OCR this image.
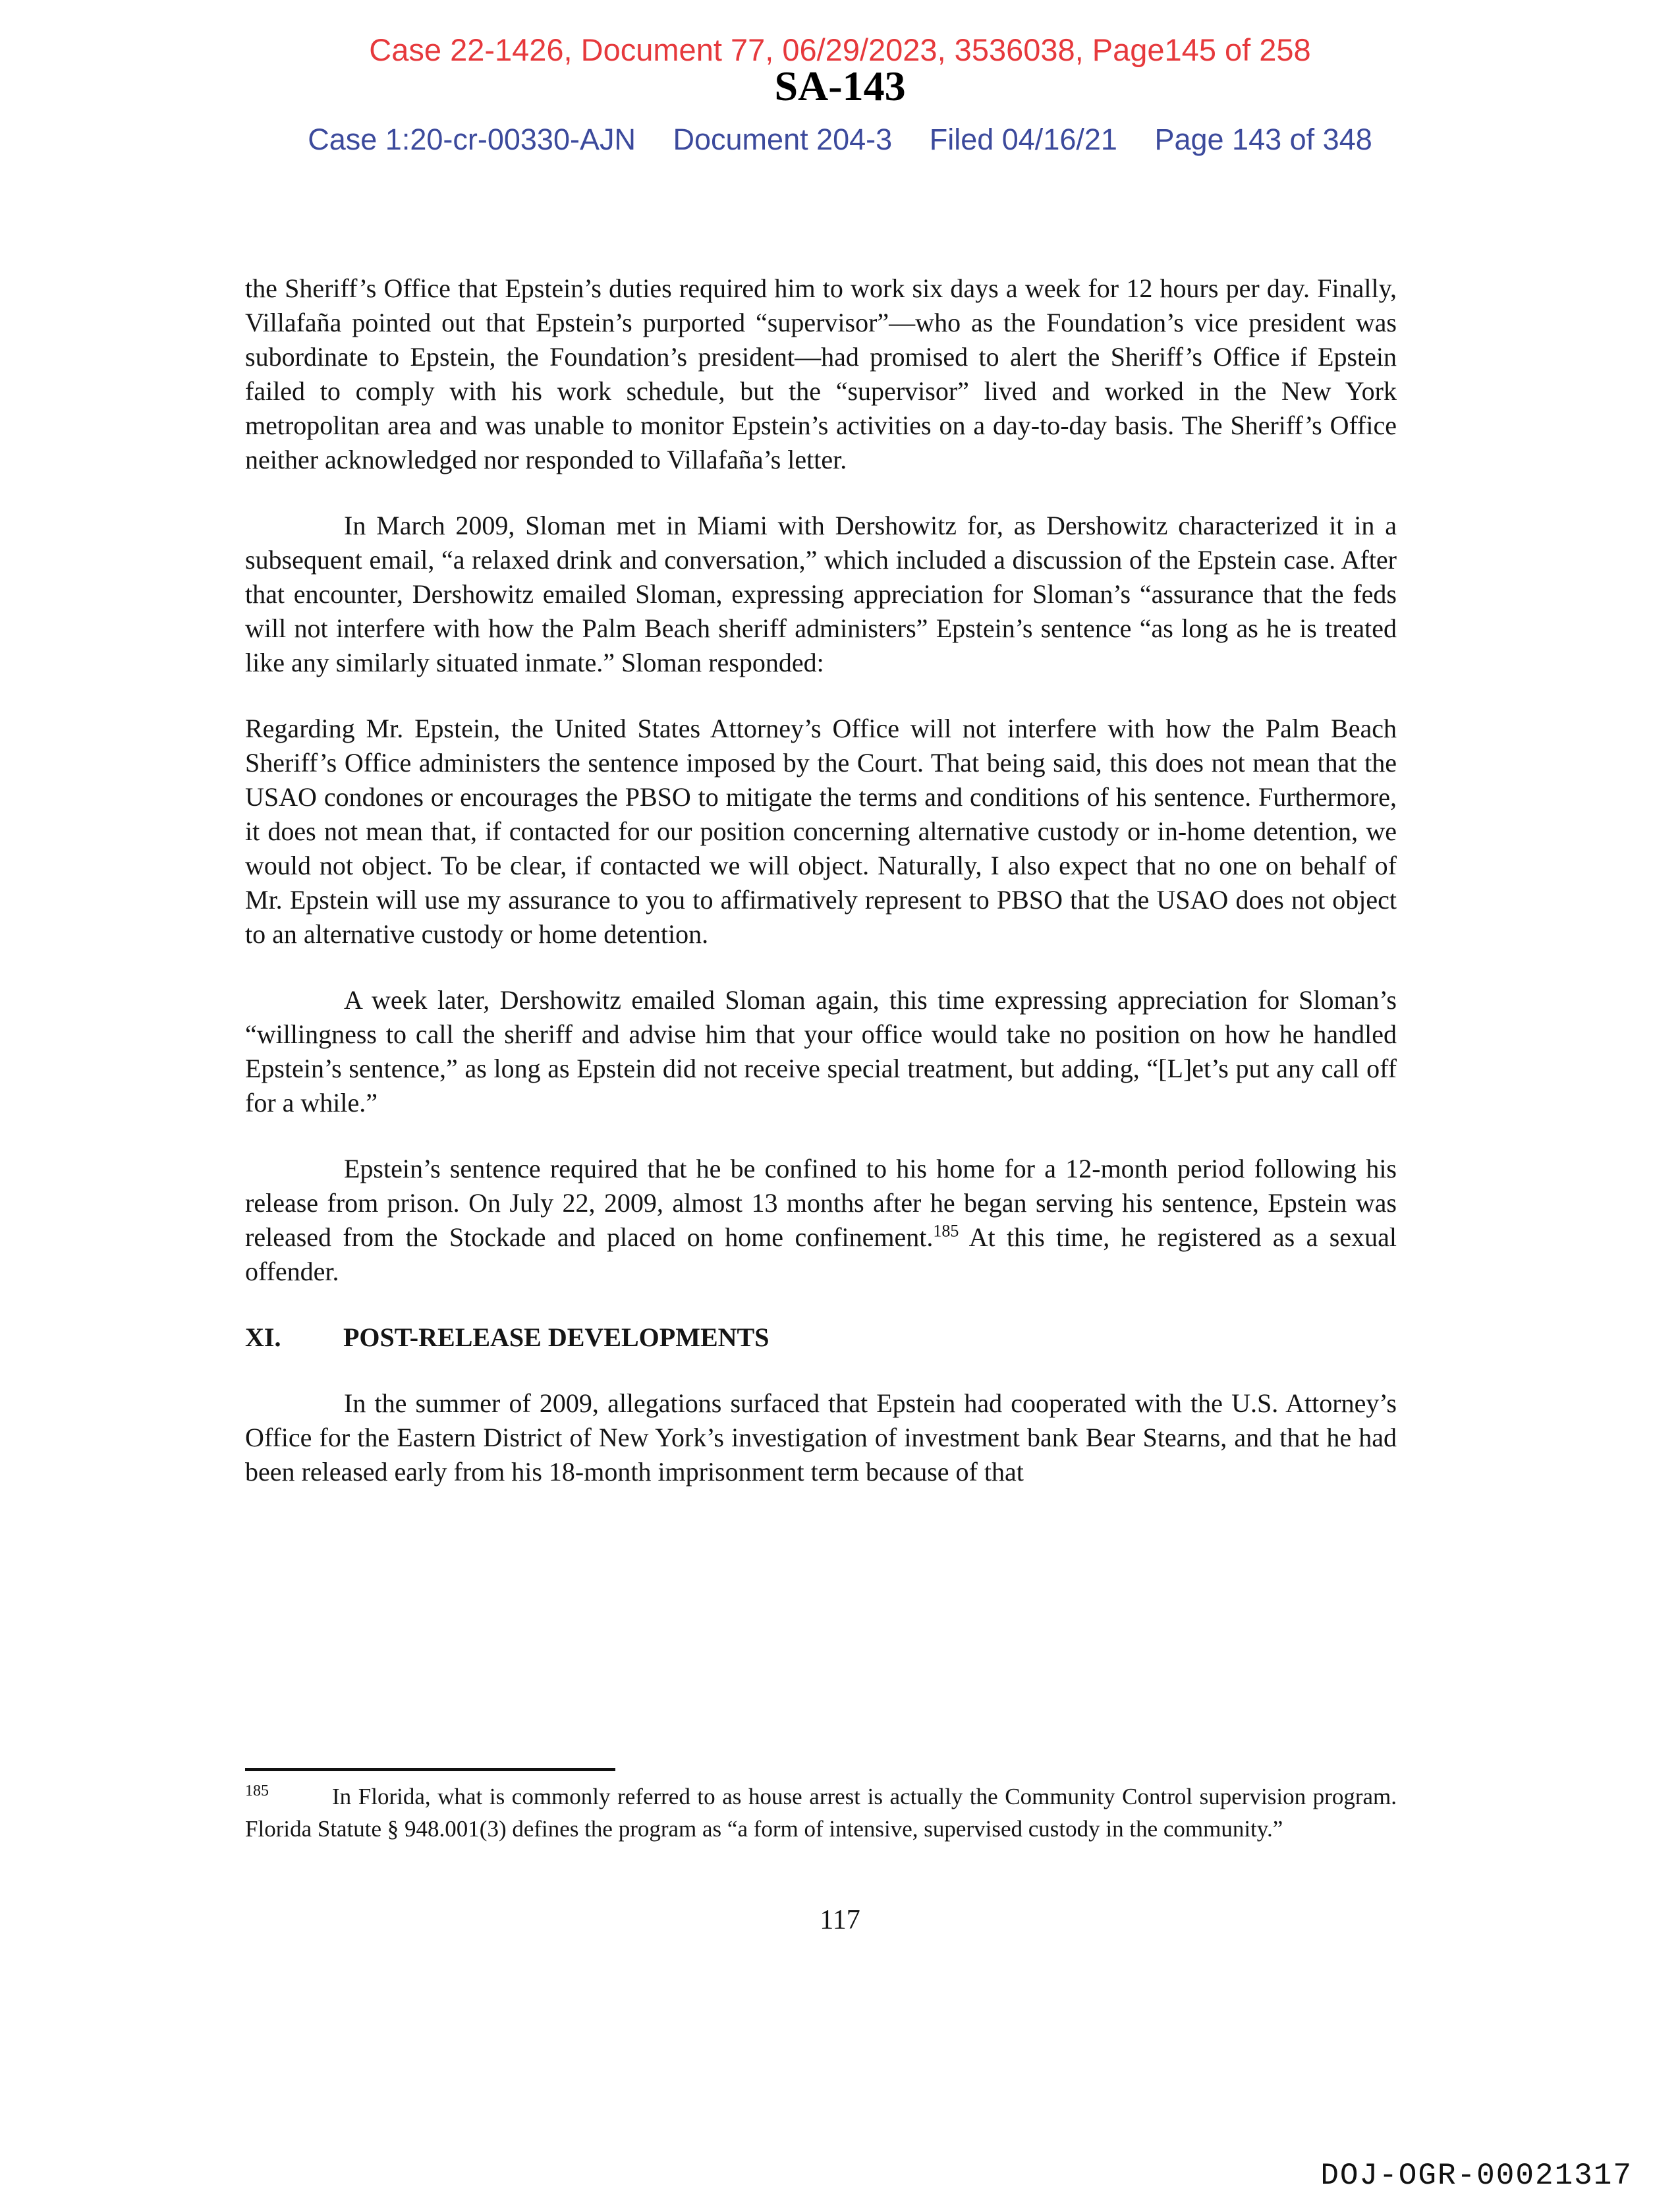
Case 22-1426, Document 77, 06/29/2023, 3536038, Page145 of 258
SA-143
Case 1:20-cr-00330-AJN Document 204-3 Filed 04/16/21 Page 143 of 348

the Sheriff’s Office that Epstein’s duties required him to work six days a week for 12 hours per day. Finally, Villafaña pointed out that Epstein’s purported “supervisor”—who as the Foundation’s vice president was subordinate to Epstein, the Foundation’s president—had promised to alert the Sheriff’s Office if Epstein failed to comply with his work schedule, but the “supervisor” lived and worked in the New York metropolitan area and was unable to monitor Epstein’s activities on a day-to-day basis. The Sheriff’s Office neither acknowledged nor responded to Villafaña’s letter.

In March 2009, Sloman met in Miami with Dershowitz for, as Dershowitz characterized it in a subsequent email, “a relaxed drink and conversation,” which included a discussion of the Epstein case. After that encounter, Dershowitz emailed Sloman, expressing appreciation for Sloman’s “assurance that the feds will not interfere with how the Palm Beach sheriff administers” Epstein’s sentence “as long as he is treated like any similarly situated inmate.” Sloman responded:

Regarding Mr. Epstein, the United States Attorney’s Office will not interfere with how the Palm Beach Sheriff’s Office administers the sentence imposed by the Court. That being said, this does not mean that the USAO condones or encourages the PBSO to mitigate the terms and conditions of his sentence. Furthermore, it does not mean that, if contacted for our position concerning alternative custody or in-home detention, we would not object. To be clear, if contacted we will object. Naturally, I also expect that no one on behalf of Mr. Epstein will use my assurance to you to affirmatively represent to PBSO that the USAO does not object to an alternative custody or home detention.

A week later, Dershowitz emailed Sloman again, this time expressing appreciation for Sloman’s “willingness to call the sheriff and advise him that your office would take no position on how he handled Epstein’s sentence,” as long as Epstein did not receive special treatment, but adding, “[L]et’s put any call off for a while.”

Epstein’s sentence required that he be confined to his home for a 12-month period following his release from prison. On July 22, 2009, almost 13 months after he began serving his sentence, Epstein was released from the Stockade and placed on home confinement.$^{185}$ At this time, he registered as a sexual offender.

XI. POST-RELEASE DEVELOPMENTS

In the summer of 2009, allegations surfaced that Epstein had cooperated with the U.S. Attorney’s Office for the Eastern District of New York’s investigation of investment bank Bear Stearns, and that he had been released early from his 18-month imprisonment term because of that

$^{185}$	In Florida, what is commonly referred to as house arrest is actually the Community Control supervision program. Florida Statute § 948.001(3) defines the program as “a form of intensive, supervised custody in the community.”
117
DOJ-OGR-00021317
